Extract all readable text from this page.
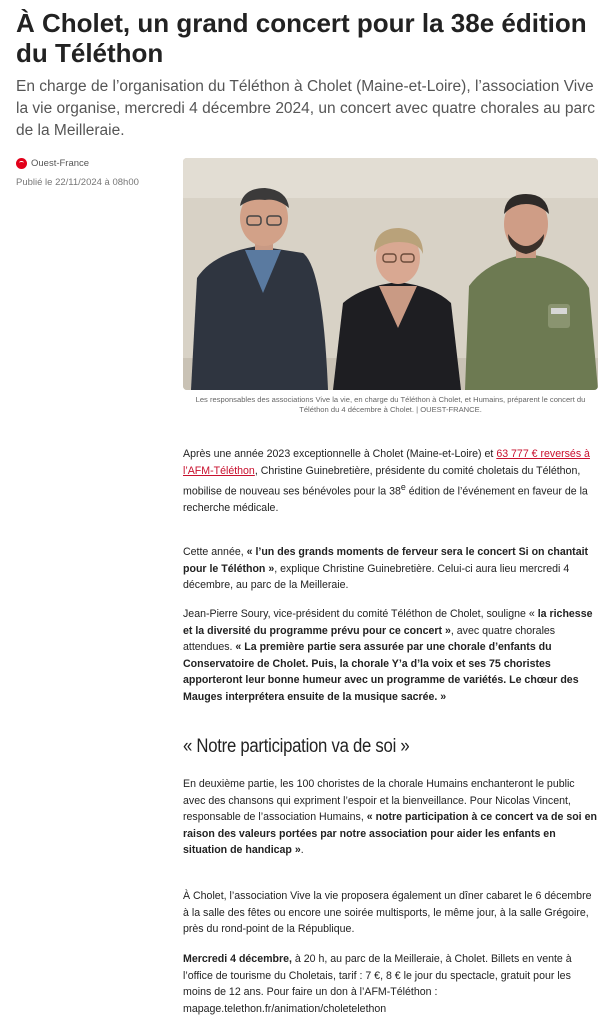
À Cholet, un grand concert pour la 38e édition du Téléthon

En charge de l’organisation du Téléthon à Cholet (Maine-et-Loire), l’association Vive la vie organise, mercredi 4 décembre 2024, un concert avec quatre chorales au parc de la Meilleraie.

Ouest-France
Publié le 22/11/2024 à 08h00

Les responsables des associations Vive la vie, en charge du Téléthon à Cholet, et Humains, préparent le concert du Téléthon du 4 décembre à Cholet. | OUEST-FRANCE.

Après une année 2023 exceptionnelle à Cholet (Maine-et-Loire) et 63 777 € reversés à l’AFM-Téléthon, Christine Guinebretière, présidente du comité choletais du Téléthon, mobilise de nouveau ses bénévoles pour la 38e édition de l’événement en faveur de la recherche médicale.

Cette année, « l’un des grands moments de ferveur sera le concert Si on chantait pour le Téléthon », explique Christine Guinebretière. Celui-ci aura lieu mercredi 4 décembre, au parc de la Meilleraie.

Jean-Pierre Soury, vice-président du comité Téléthon de Cholet, souligne « la richesse et la diversité du programme prévu pour ce concert », avec quatre chorales attendues. « La première partie sera assurée par une chorale d’enfants du Conservatoire de Cholet. Puis, la chorale Y’a d’la voix et ses 75 choristes apporteront leur bonne humeur avec un programme de variétés. Le chœur des Mauges interprétera ensuite de la musique sacrée. »

« Notre participation va de soi »

En deuxième partie, les 100 choristes de la chorale Humains enchanteront le public avec des chansons qui expriment l’espoir et la bienveillance. Pour Nicolas Vincent, responsable de l’association Humains, « notre participation à ce concert va de soi en raison des valeurs portées par notre association pour aider les enfants en situation de handicap ».

À Cholet, l’association Vive la vie proposera également un dîner cabaret le 6 décembre à la salle des fêtes ou encore une soirée multisports, le même jour, à la salle Grégoire, près du rond-point de la République.

Mercredi 4 décembre, à 20 h, au parc de la Meilleraie, à Cholet. Billets en vente à l’office de tourisme du Choletais, tarif : 7 €, 8 € le jour du spectacle, gratuit pour les moins de 12 ans. Pour faire un don à l’AFM-Téléthon : mapage.telethon.fr/animation/choletelethon
